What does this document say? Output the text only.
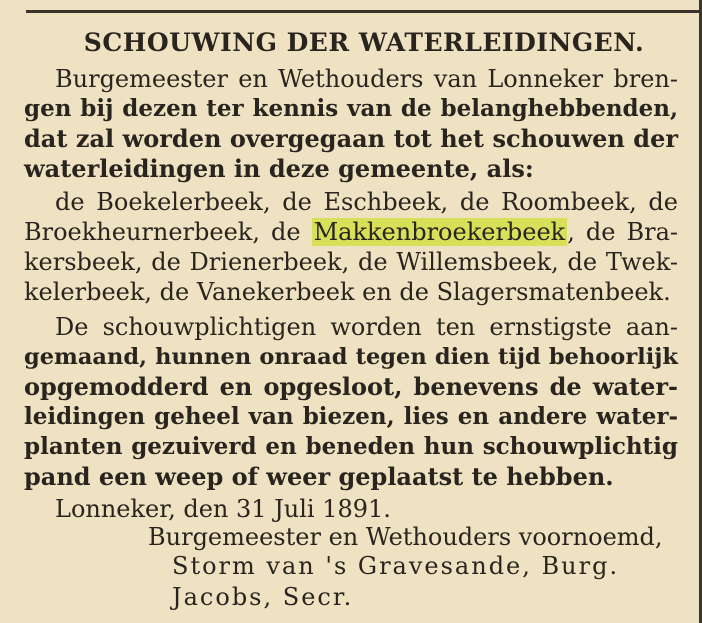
SCHOUWING DER WATERLEIDINGEN.
Burgemeester en Wethouders van Lonneker bren-
gen bij dezen ter kennis van de belanghebbenden,
dat zal worden overgegaan tot het schouwen der
waterleidingen in deze gemeente, als:
de Boekelerbeek, de Eschbeek, de Roombeek, de
Broekheurnerbeek, de Makkenbroekerbeek, de Bra-
kersbeek, de Drienerbeek, de Willemsbeek, de Twek-
kelerbeek, de Vanekerbeek en de Slagersmatenbeek.
De schouwplichtigen worden ten ernstigste aan-
gemaand, hunnen onraad tegen dien tijd behoorlijk
opgemodderd en opgesloot, benevens de water-
leidingen geheel van biezen, lies en andere water-
planten gezuiverd en beneden hun schouwplichtig
pand een weep of weer geplaatst te hebben.
Lonneker, den 31 Juli 1891.
Burgemeester en Wethouders voornoemd,
Storm van 's Gravesande, Burg.
Jacobs, Secr.
